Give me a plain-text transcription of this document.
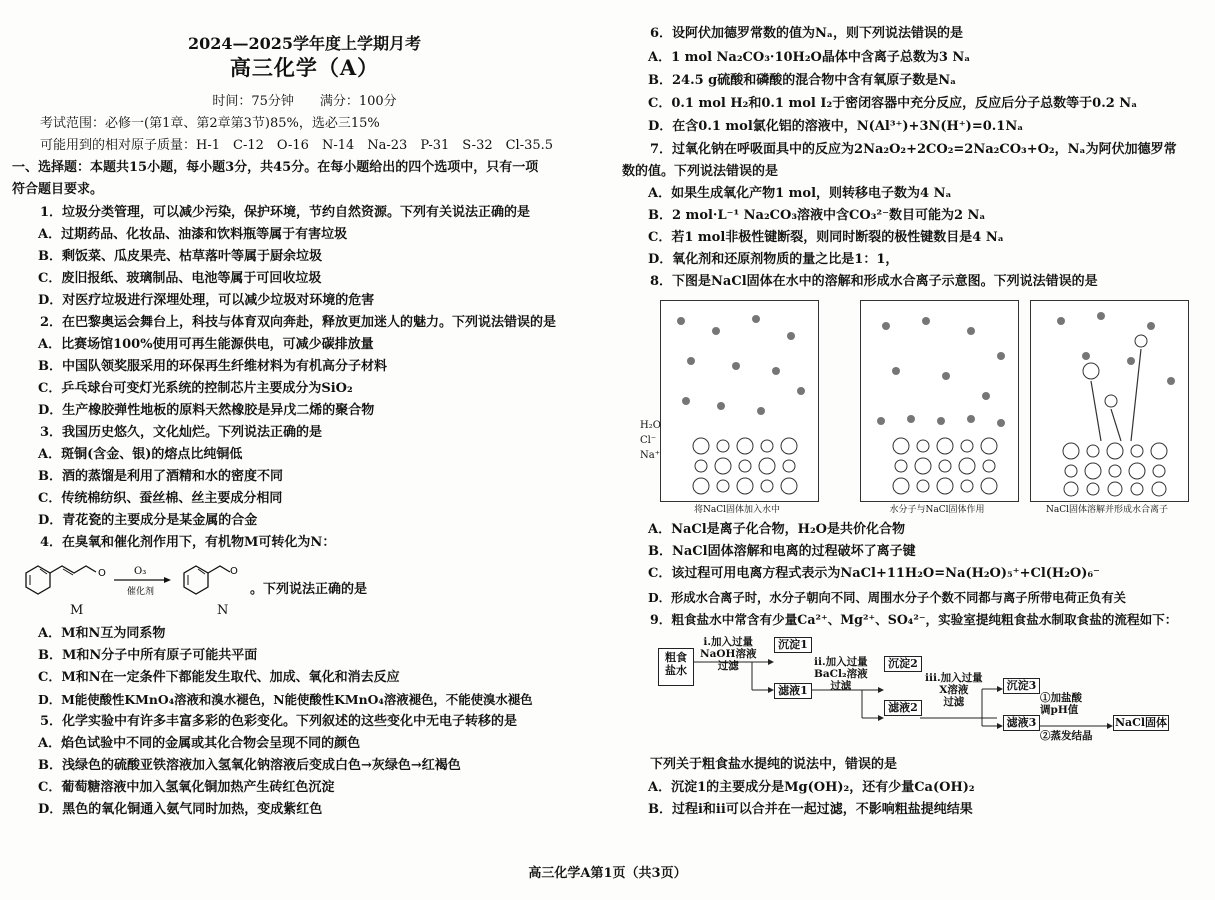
2024—2025学年度上学期月考
高三化学（A）
时间：75分钟　　满分：100分
考试范围：必修一(第1章、第2章第3节)85%，选必三15%
可能用到的相对原子质量：H-1　C-12　O-16　N-14　Na-23　P-31　S-32　Cl-35.5
一、选择题：本题共15小题，每小题3分，共45分。在每小题给出的四个选项中，只有一项
符合题目要求。
1．垃圾分类管理，可以减少污染，保护环境，节约自然资源。下列有关说法正确的是
A．过期药品、化妆品、油漆和饮料瓶等属于有害垃圾
B．剩饭菜、瓜皮果壳、枯草落叶等属于厨余垃圾
C．废旧报纸、玻璃制品、电池等属于可回收垃圾
D．对医疗垃圾进行深埋处理，可以减少垃圾对环境的危害
2．在巴黎奥运会舞台上，科技与体育双向奔赴，释放更加迷人的魅力。下列说法错误的是
A．比赛场馆100%使用可再生能源供电，可减少碳排放量
B．中国队领奖服采用的环保再生纤维材料为有机高分子材料
C．乒乓球台可变灯光系统的控制芯片主要成分为SiO₂
D．生产橡胶弹性地板的原料天然橡胶是异戊二烯的聚合物
3．我国历史悠久，文化灿烂。下列说法正确的是
A．斑铜(含金、银)的熔点比纯铜低
B．酒的蒸馏是利用了酒精和水的密度不同
C．传统棉纺织、蚕丝棉、丝主要成分相同
D．青花瓷的主要成分是某金属的合金
4．在臭氧和催化剂作用下，有机物M可转化为N：
O	O₃
催化剂
O
M	N
。下列说法正确的是
A．M和N互为同系物
B．M和N分子中所有原子可能共平面
C．M和N在一定条件下都能发生取代、加成、氧化和消去反应
D．M能使酸性KMnO₄溶液和溴水褪色，N能使酸性KMnO₄溶液褪色，不能使溴水褪色
5．化学实验中有许多丰富多彩的色彩变化。下列叙述的这些变化中无电子转移的是
A．焰色试验中不同的金属或其化合物会呈现不同的颜色
B．浅绿色的硫酸亚铁溶液加入氢氧化钠溶液后变成白色→灰绿色→红褐色
C．葡萄糖溶液中加入氢氧化铜加热产生砖红色沉淀
D．黑色的氧化铜通入氨气同时加热，变成紫红色
6．设阿伏加德罗常数的值为Nₐ，则下列说法错误的是
A．1 mol Na₂CO₃·10H₂O晶体中含离子总数为3 Nₐ
B．24.5 g硫酸和磷酸的混合物中含有氧原子数是Nₐ
C．0.1 mol H₂和0.1 mol I₂于密闭容器中充分反应，反应后分子总数等于0.2 Nₐ
D．在含0.1 mol氯化铝的溶液中，N(Al³⁺)+3N(H⁺)=0.1Nₐ
7．过氧化钠在呼吸面具中的反应为2Na₂O₂+2CO₂=2Na₂CO₃+O₂，Nₐ为阿伏加德罗常
数的值。下列说法错误的是
A．如果生成氧化产物1 mol，则转移电子数为4 Nₐ
B．2 mol·L⁻¹ Na₂CO₃溶液中含CO₃²⁻数目可能为2 Nₐ
C．若1 mol非极性键断裂，则同时断裂的极性键数目是4 Nₐ
D．氧化剂和还原剂物质的量之比是1：1，
8．下图是NaCl固体在水中的溶解和形成水合离子示意图。下列说法错误的是
H₂O
Cl⁻
Na⁺
将NaCl固体加入水中	水分子与NaCl固体作用	NaCl固体溶解并形成水合离子
A．NaCl是离子化合物，H₂O是共价化合物
B．NaCl固体溶解和电离的过程破坏了离子键
C．该过程可用电离方程式表示为NaCl+11H₂O=Na(H₂O)₅⁺+Cl(H₂O)₆⁻
D．形成水合离子时，水分子朝向不同、周围水分子个数不同都与离子所带电荷正负有关
9．粗食盐水中常含有少量Ca²⁺、Mg²⁺、SO₄²⁻，实验室提纯粗食盐水制取食盐的流程如下：
粗食盐水
沉淀1
滤液1
沉淀2
滤液2
沉淀3
滤液3	NaCl固体
i.加入过量
NaOH溶液
过滤	ii.加入过量
BaCl₂溶液
过滤
iii.加入过量
X溶液
过滤	①加盐酸
调pH值
②蒸发结晶
下列关于粗食盐水提纯的说法中，错误的是
A．沉淀1的主要成分是Mg(OH)₂，还有少量Ca(OH)₂
B．过程i和ii可以合并在一起过滤，不影响粗盐提纯结果
高三化学A第1页（共3页）
